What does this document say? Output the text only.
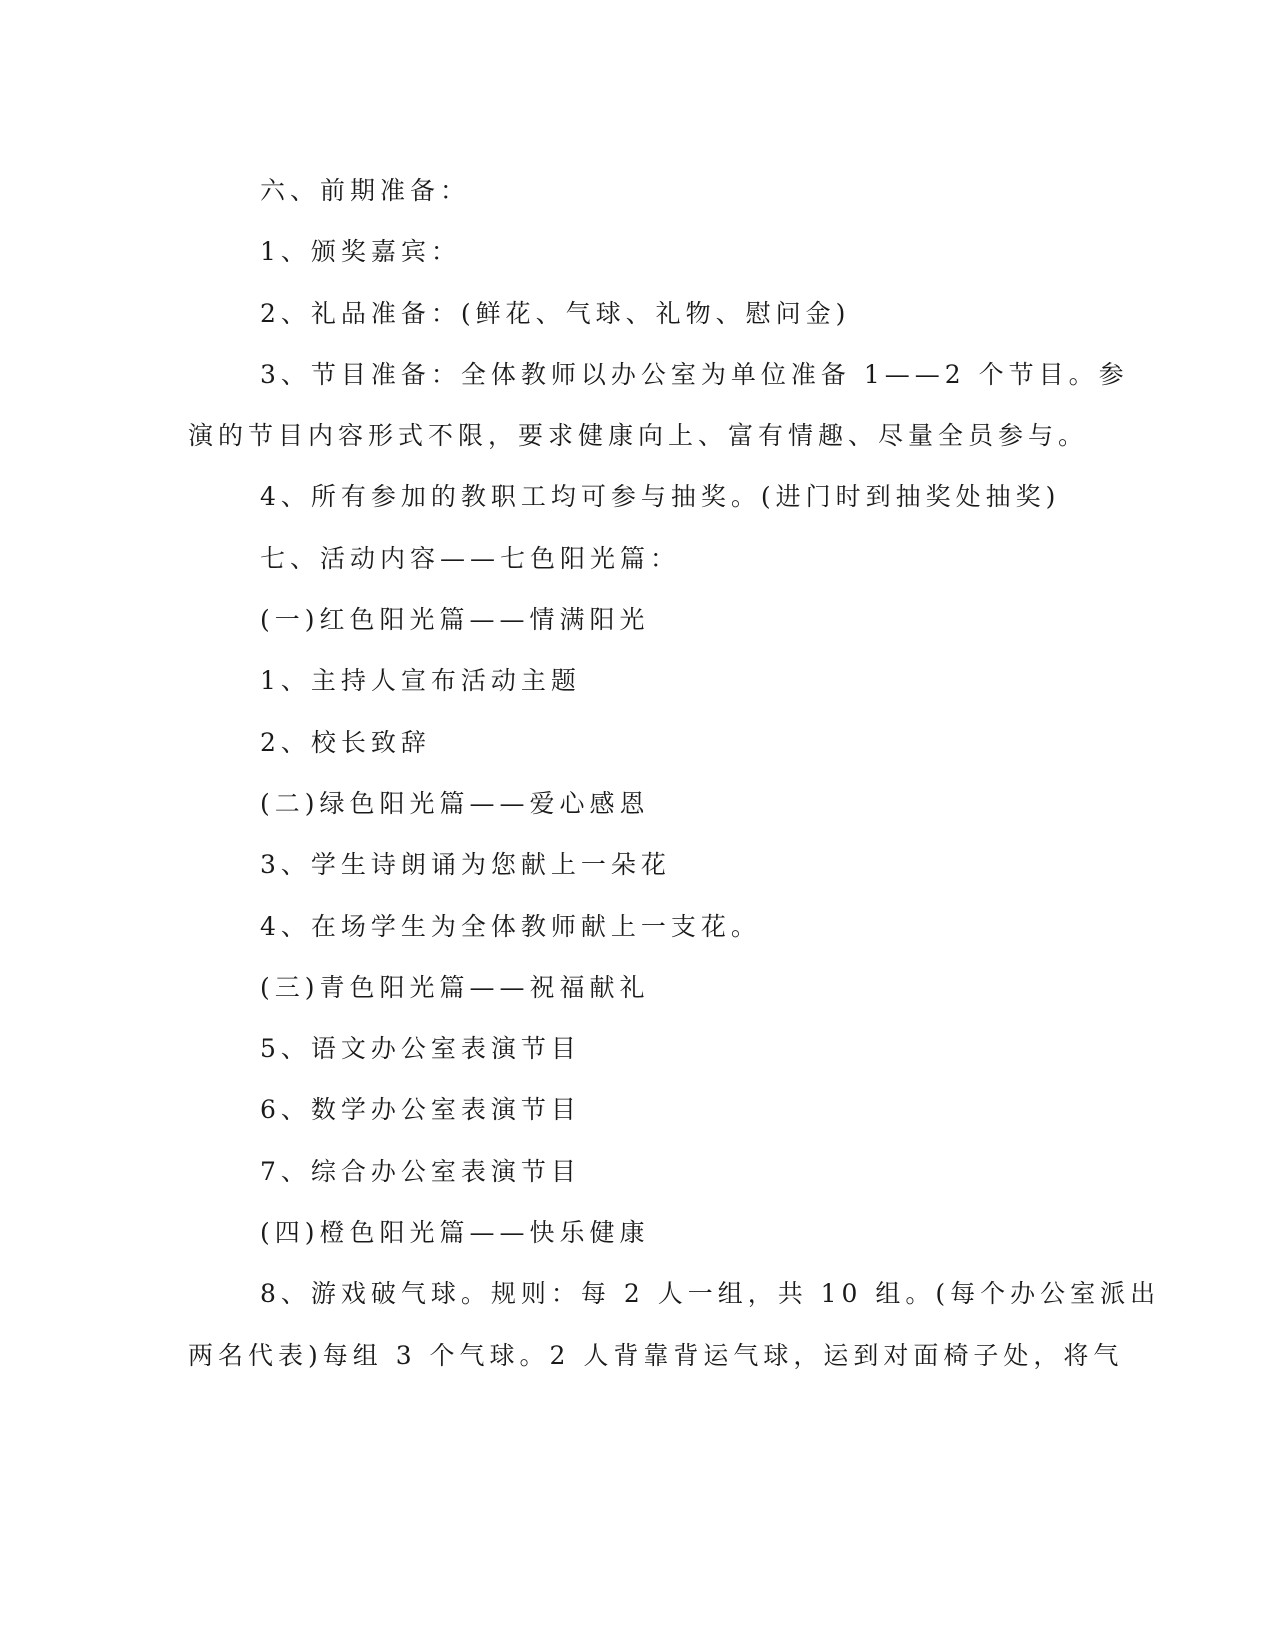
六、前期准备：
1、颁奖嘉宾：
2、礼品准备：(鲜花、气球、礼物、慰问金)
3、节目准备：全体教师以办公室为单位准备 1——2 个节目。参
演的节目内容形式不限，要求健康向上、富有情趣、尽量全员参与。
4、所有参加的教职工均可参与抽奖。(进门时到抽奖处抽奖)
七、活动内容——七色阳光篇：
(一)红色阳光篇——情满阳光
1、主持人宣布活动主题
2、校长致辞
(二)绿色阳光篇——爱心感恩
3、学生诗朗诵为您献上一朵花
4、在场学生为全体教师献上一支花。
(三)青色阳光篇——祝福献礼
5、语文办公室表演节目
6、数学办公室表演节目
7、综合办公室表演节目
(四)橙色阳光篇——快乐健康
8、游戏破气球。规则：每 2 人一组，共 10 组。(每个办公室派出
两名代表)每组 3 个气球。2 人背靠背运气球，运到对面椅子处，将气
